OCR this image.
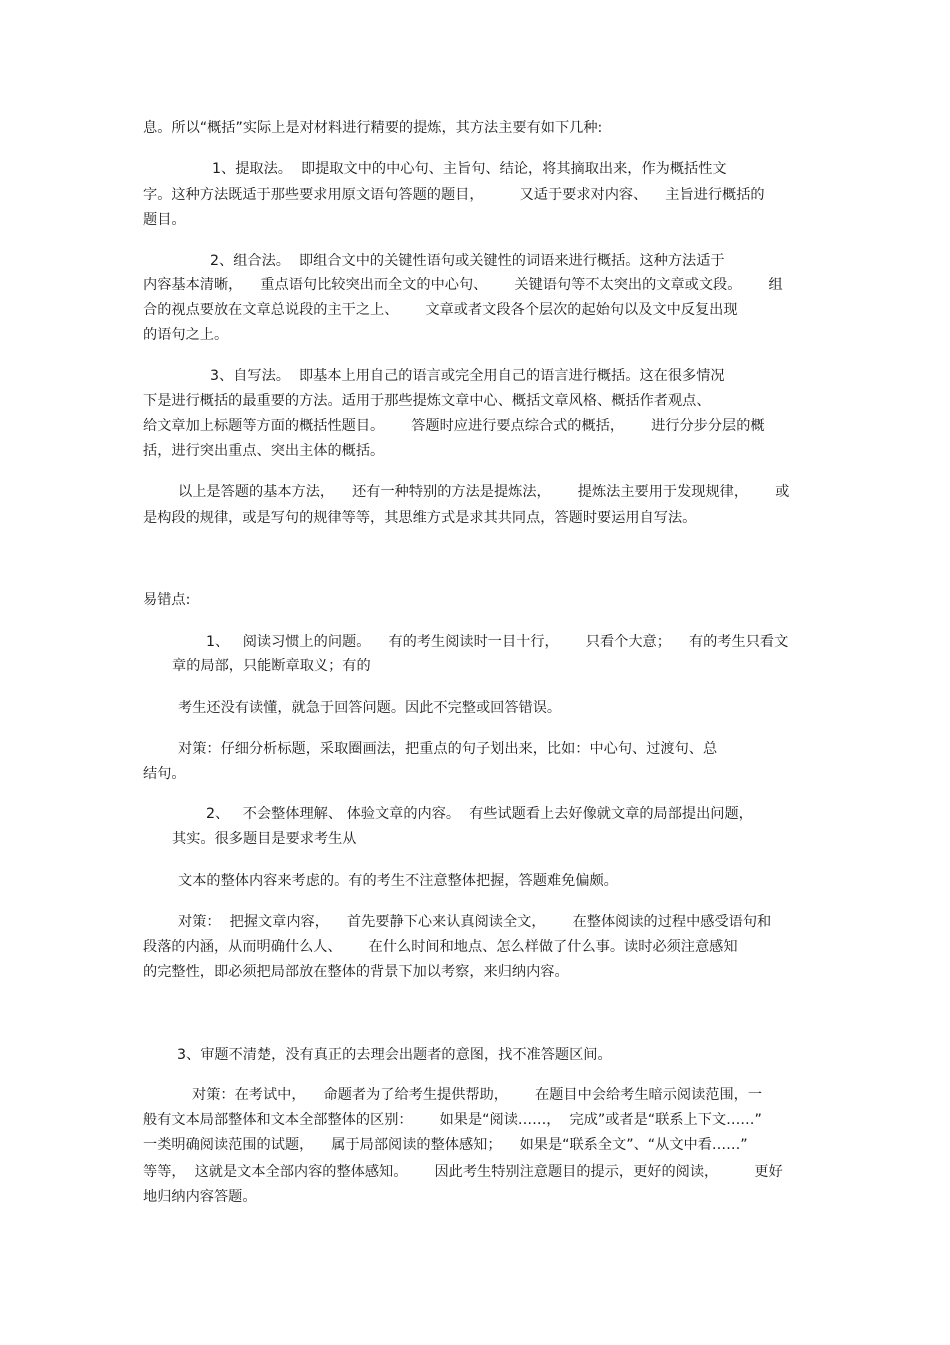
息。所以“概括”实际上是对材料进行精要的提炼，其方法主要有如下几种:

1、提取法。  即提取文中的中心句、主旨句、结论，将其摘取出来，作为概括性文

字。这种方法既适于那些要求用原文语句答题的题目，        又适于要求对内容、    主旨进行概括的

题目。

2、组合法。  即组合文中的关键性语句或关键性的词语来进行概括。这种方法适于

内容基本清晰，    重点语句比较突出而全文的中心句、      关键语句等不太突出的文章或文段。      组

合的视点要放在文章总说段的主干之上、      文章或者文段各个层次的起始句以及文中反复出现

的语句之上。

3、自写法。  即基本上用自己的语言或完全用自己的语言进行概括。这在很多情况

下是进行概括的最重要的方法。适用于那些提炼文章中心、概括文章风格、概括作者观点、

给文章加上标题等方面的概括性题目。      答题时应进行要点综合式的概括，      进行分步分层的概

括，进行突出重点、突出主体的概括。

以上是答题的基本方法，    还有一种特别的方法是提炼法，      提炼法主要用于发现规律，      或

是构段的规律，或是写句的规律等等，其思维方式是求其共同点，答题时要运用自写法。

易错点:

1、   阅读习惯上的问题。    有的考生阅读时一目十行，      只看个大意；    有的考生只看文

章的局部，只能断章取义；有的

考生还没有读懂，就急于回答问题。因此不完整或回答错误。

对策：仔细分析标题，采取圈画法，把重点的句子划出来，比如：中心句、过渡句、总

结句。

2、   不会整体理解、 体验文章的内容。  有些试题看上去好像就文章的局部提出问题，

其实。很多题目是要求考生从

文本的整体内容来考虑的。有的考生不注意整体把握，答题难免偏颇。

对策：  把握文章内容，    首先要静下心来认真阅读全文，      在整体阅读的过程中感受语句和

段落的内涵，从而明确什么人、      在什么时间和地点、怎么样做了什么事。读时必须注意感知

的完整性，即必须把局部放在整体的背景下加以考察，来归纳内容。

3、审题不清楚，没有真正的去理会出题者的意图，找不准答题区间。

对策：在考试中，    命题者为了给考生提供帮助，      在题目中会给考生暗示阅读范围，一

般有文本局部整体和文本全部整体的区别：      如果是“阅读……，  完成”或者是“联系上下文……”

一类明确阅读范围的试题，    属于局部阅读的整体感知；    如果是“联系全文”、“从文中看……”

等等，  这就是文本全部内容的整体感知。      因此考生特别注意题目的提示，更好的阅读，        更好

地归纳内容答题。
